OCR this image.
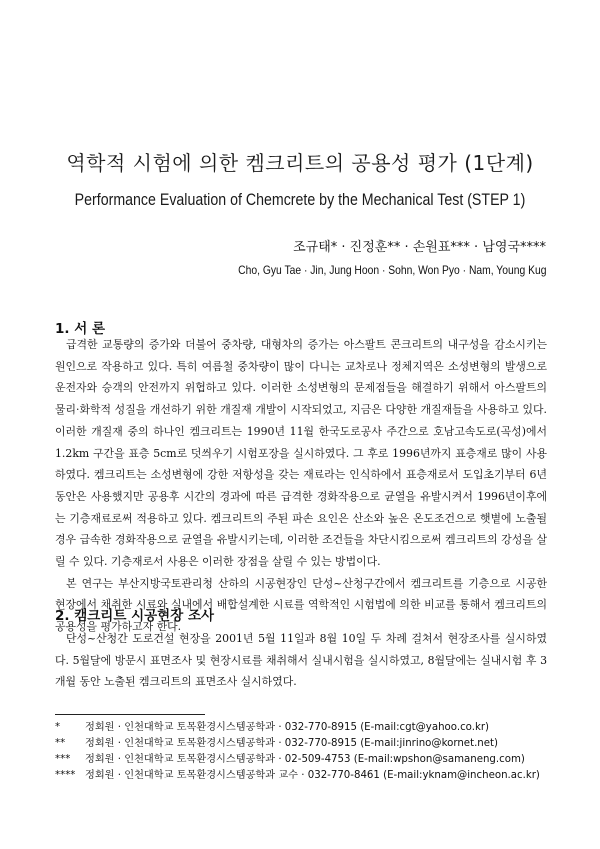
역학적 시험에 의한 켐크리트의 공용성 평가 (1단계)
Performance Evaluation of Chemcrete by the Mechanical Test (STEP 1)
조규태* · 진정훈** · 손원표*** · 남영국****
Cho, Gyu Tae · Jin, Jung Hoon · Sohn, Won Pyo · Nam, Young Kug
1. 서 론

급격한 교통량의 증가와 더불어 중차량, 대형차의 증가는 아스팔트 콘크리트의 내구성을 감소시키는 원인으로 작용하고 있다. 특히 여름철 중차량이 많이 다니는 교차로나 정체지역은 소성변형의 발생으로 운전자와 승객의 안전까지 위협하고 있다. 이러한 소성변형의 문제점들을 해결하기 위해서 아스팔트의 물리·화학적 성질을 개선하기 위한 개질재 개발이 시작되었고, 지금은 다양한 개질재들을 사용하고 있다. 이러한 개질재 중의 하나인 켐크리트는 1990년 11월 한국도로공사 주간으로 호남고속도로(곡성)에서 1.2km 구간을 표층 5cm로 덧씌우기 시험포장을 실시하였다. 그 후로 1996년까지 표층재로 많이 사용하였다. 켐크리트는 소성변형에 강한 저항성을 갖는 재료라는 인식하에서 표층재로서 도입초기부터 6년동안은 사용했지만 공용후 시간의 경과에 따른 급격한 경화작용으로 균열을 유발시켜서 1996년이후에는 기층재료로써 적용하고 있다. 켐크리트의 주된 파손 요인은 산소와 높은 온도조건으로 햇볕에 노출될 경우 급속한 경화작용으로 균열을 유발시키는데, 이러한 조건들을 차단시킴으로써 켐크리트의 강성을 살릴 수 있다. 기층재로서 사용은 이러한 장점을 살릴 수 있는 방법이다.

본 연구는 부산지방국토관리청 산하의 시공현장인 단성~산청구간에서 켐크리트를 기층으로 시공한 현장에서 채취한 시료와 실내에서 배합설계한 시료를 역학적인 시험법에 의한 비교를 통해서 켐크리트의 공용성을 평가하고자 한다.

2. 캠크리트 시공현장 조사

단성~산청간 도로건설 현장을 2001년 5월 11일과 8월 10일 두 차례 걸쳐서 현장조사를 실시하였다. 5월달에 방문시 표면조사 및 현장시료를 채취해서 실내시험을 실시하였고, 8월달에는 실내시험 후 3개월 동안 노출된 켐크리트의 표면조사 실시하였다.

*	정회원 · 인천대학교 토목환경시스템공학과 · 032-770-8915 (E-mail:cgt@yahoo.co.kr)
**	정회원 · 인천대학교 토목환경시스템공학과 · 032-770-8915 (E-mail:jinrino@kornet.net)
***	정회원 · 인천대학교 토목환경시스템공학과 · 02-509-4753 (E-mail:wpshon@samaneng.com)
**** 정회원 · 인천대학교 토목환경시스템공학과 교수 · 032-770-8461 (E-mail:yknam@incheon.ac.kr)
